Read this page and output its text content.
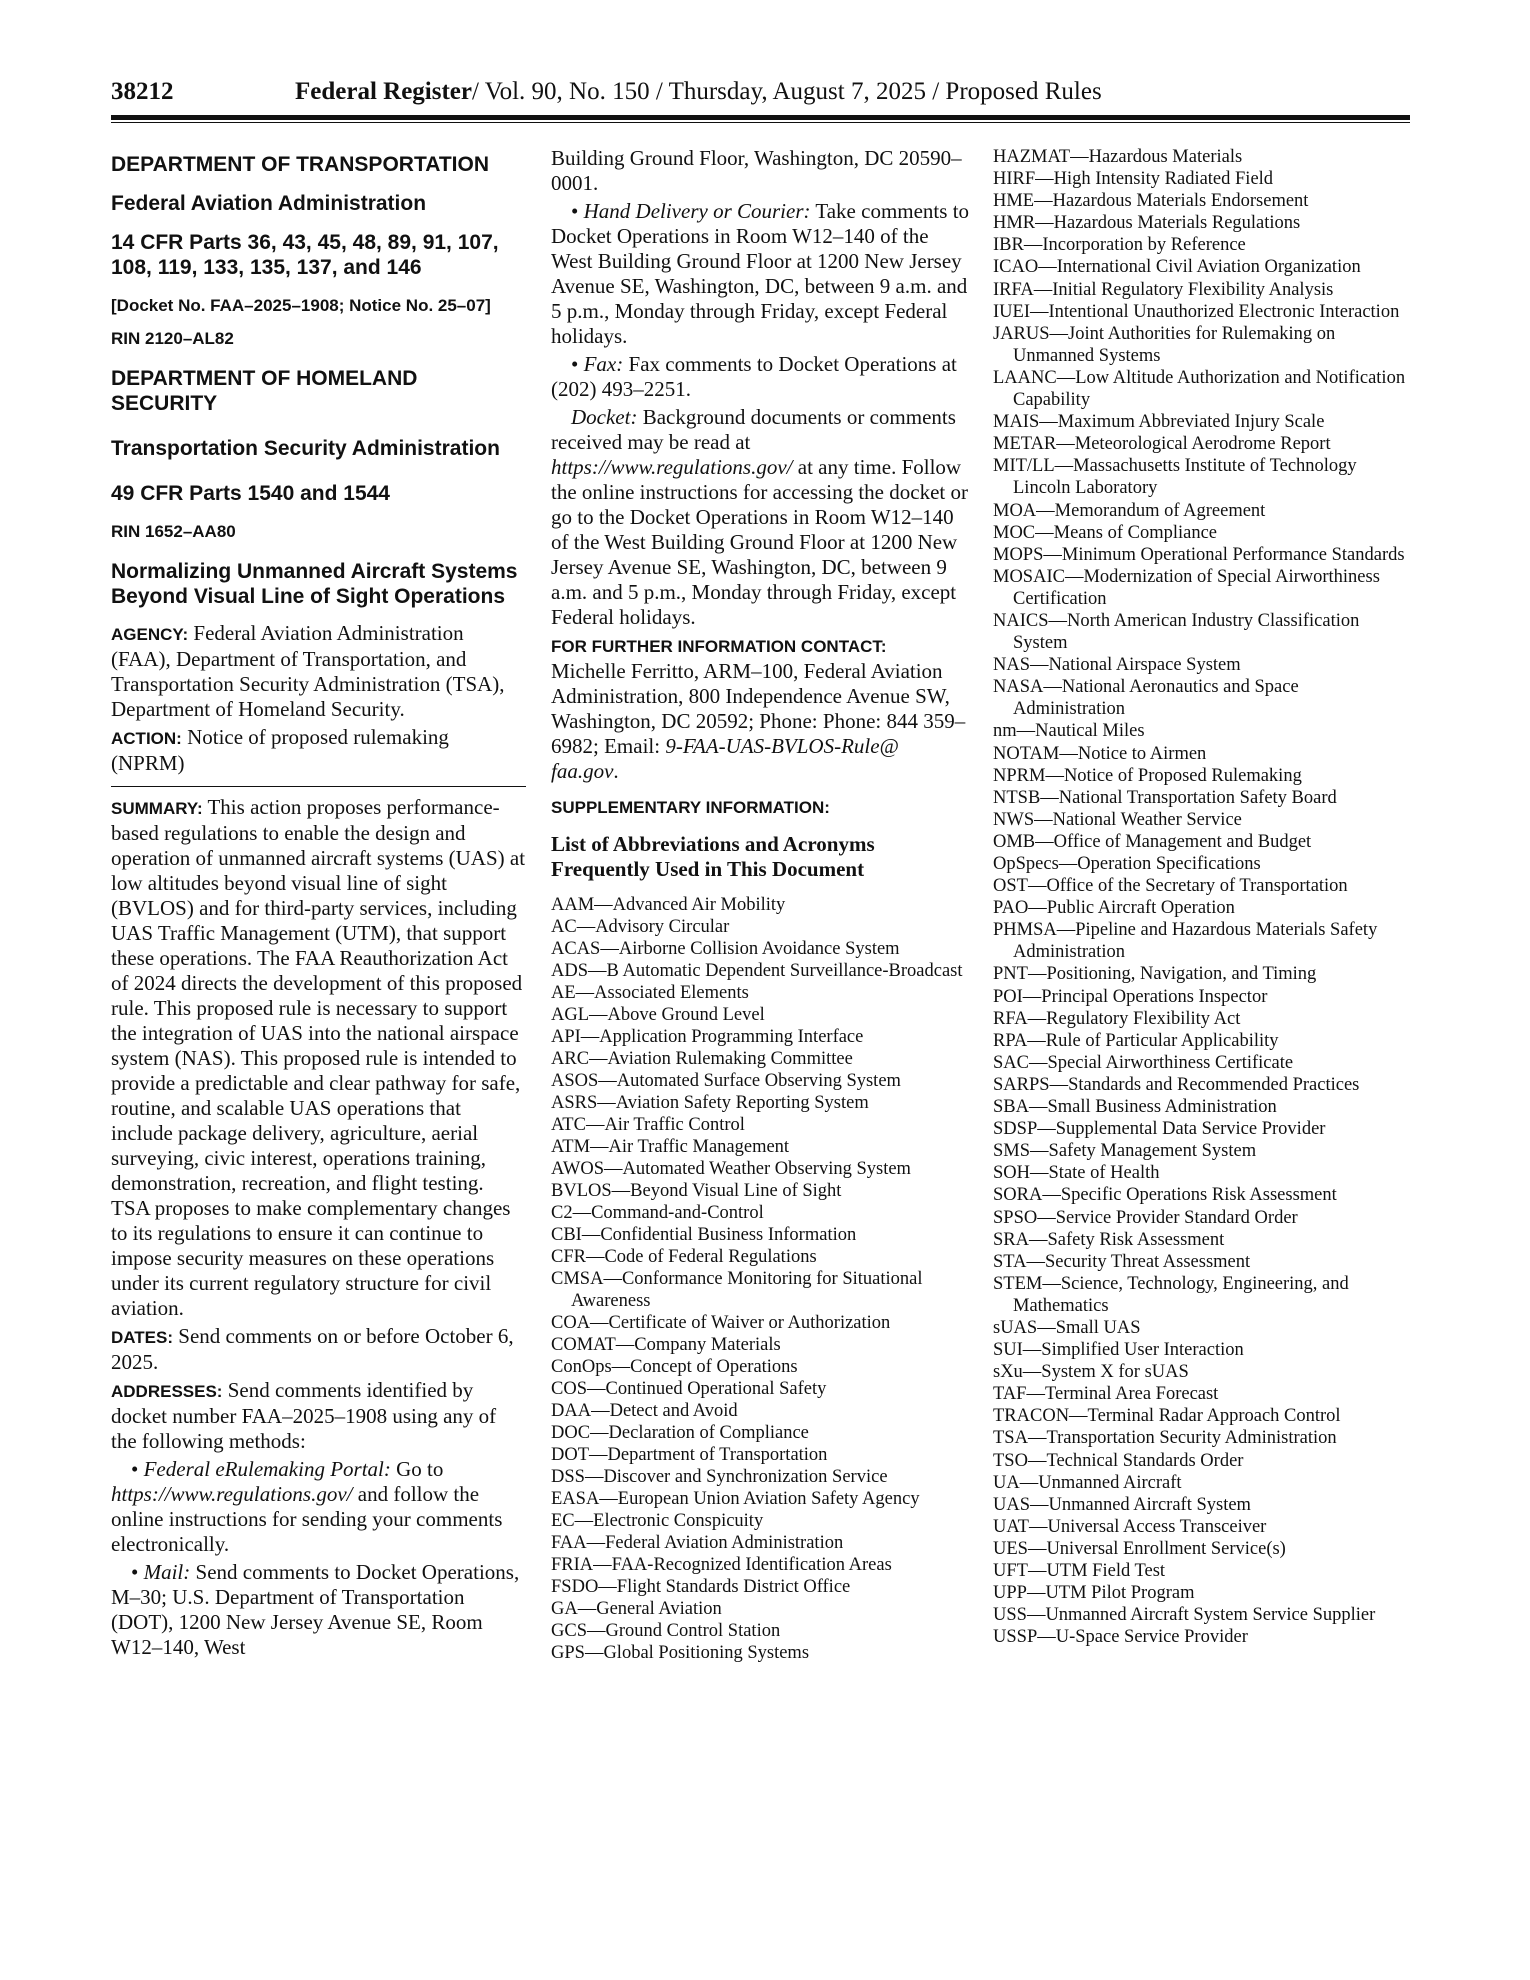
38212	Federal Register/ Vol. 90, No. 150 / Thursday, August 7, 2025 / Proposed Rules
DEPARTMENT OF TRANSPORTATION
Federal Aviation Administration
14 CFR Parts 36, 43, 45, 48, 89, 91, 107, 108, 119, 133, 135, 137, and 146
[Docket No. FAA–2025–1908; Notice No. 25–07]
RIN 2120–AL82
DEPARTMENT OF HOMELAND SECURITY
Transportation Security Administration
49 CFR Parts 1540 and 1544
RIN 1652–AA80
Normalizing Unmanned Aircraft Systems Beyond Visual Line of Sight Operations
AGENCY: Federal Aviation Administration (FAA), Department of Transportation, and Transportation Security Administration (TSA), Department of Homeland Security.
ACTION: Notice of proposed rulemaking (NPRM)
SUMMARY: This action proposes performance-based regulations to enable the design and operation of unmanned aircraft systems (UAS) at low altitudes beyond visual line of sight (BVLOS) and for third-party services, including UAS Traffic Management (UTM), that support these operations. The FAA Reauthorization Act of 2024 directs the development of this proposed rule. This proposed rule is necessary to support the integration of UAS into the national airspace system (NAS). This proposed rule is intended to provide a predictable and clear pathway for safe, routine, and scalable UAS operations that include package delivery, agriculture, aerial surveying, civic interest, operations training, demonstration, recreation, and flight testing. TSA proposes to make complementary changes to its regulations to ensure it can continue to impose security measures on these operations under its current regulatory structure for civil aviation.
DATES: Send comments on or before October 6, 2025.
ADDRESSES: Send comments identified by docket number FAA–2025–1908 using any of the following methods:
• Federal eRulemaking Portal: Go to https://www.regulations.gov/ and follow the online instructions for sending your comments electronically.
• Mail: Send comments to Docket Operations, M–30; U.S. Department of Transportation (DOT), 1200 New Jersey Avenue SE, Room W12–140, West
Building Ground Floor, Washington, DC 20590–0001.
• Hand Delivery or Courier: Take comments to Docket Operations in Room W12–140 of the West Building Ground Floor at 1200 New Jersey Avenue SE, Washington, DC, between 9 a.m. and 5 p.m., Monday through Friday, except Federal holidays.
• Fax: Fax comments to Docket Operations at (202) 493–2251.
Docket: Background documents or comments received may be read at https://www.regulations.gov/ at any time. Follow the online instructions for accessing the docket or go to the Docket Operations in Room W12–140 of the West Building Ground Floor at 1200 New Jersey Avenue SE, Washington, DC, between 9 a.m. and 5 p.m., Monday through Friday, except Federal holidays.
FOR FURTHER INFORMATION CONTACT:
Michelle Ferritto, ARM–100, Federal Aviation Administration, 800 Independence Avenue SW, Washington, DC 20592; Phone: Phone: 844 359–6982; Email: 9-FAA-UAS-BVLOS-Rule@ faa.gov.
SUPPLEMENTARY INFORMATION:
List of Abbreviations and Acronyms Frequently Used in This Document
AAM—Advanced Air Mobility
AC—Advisory Circular
ACAS—Airborne Collision Avoidance System
ADS—B Automatic Dependent Surveillance-Broadcast
AE—Associated Elements
AGL—Above Ground Level
API—Application Programming Interface
ARC—Aviation Rulemaking Committee
ASOS—Automated Surface Observing System
ASRS—Aviation Safety Reporting System
ATC—Air Traffic Control
ATM—Air Traffic Management
AWOS—Automated Weather Observing System
BVLOS—Beyond Visual Line of Sight
C2—Command-and-Control
CBI—Confidential Business Information
CFR—Code of Federal Regulations
CMSA—Conformance Monitoring for Situational Awareness
COA—Certificate of Waiver or Authorization
COMAT—Company Materials
ConOps—Concept of Operations
COS—Continued Operational Safety
DAA—Detect and Avoid
DOC—Declaration of Compliance
DOT—Department of Transportation
DSS—Discover and Synchronization Service
EASA—European Union Aviation Safety Agency
EC—Electronic Conspicuity
FAA—Federal Aviation Administration
FRIA—FAA-Recognized Identification Areas
FSDO—Flight Standards District Office
GA—General Aviation
GCS—Ground Control Station
GPS—Global Positioning Systems
HAZMAT—Hazardous Materials
HIRF—High Intensity Radiated Field
HME—Hazardous Materials Endorsement
HMR—Hazardous Materials Regulations
IBR—Incorporation by Reference
ICAO—International Civil Aviation Organization
IRFA—Initial Regulatory Flexibility Analysis
IUEI—Intentional Unauthorized Electronic Interaction
JARUS—Joint Authorities for Rulemaking on Unmanned Systems
LAANC—Low Altitude Authorization and Notification Capability
MAIS—Maximum Abbreviated Injury Scale
METAR—Meteorological Aerodrome Report
MIT/LL—Massachusetts Institute of Technology Lincoln Laboratory
MOA—Memorandum of Agreement
MOC—Means of Compliance
MOPS—Minimum Operational Performance Standards
MOSAIC—Modernization of Special Airworthiness Certification
NAICS—North American Industry Classification System
NAS—National Airspace System
NASA—National Aeronautics and Space Administration
nm—Nautical Miles
NOTAM—Notice to Airmen
NPRM—Notice of Proposed Rulemaking
NTSB—National Transportation Safety Board
NWS—National Weather Service
OMB—Office of Management and Budget
OpSpecs—Operation Specifications
OST—Office of the Secretary of Transportation
PAO—Public Aircraft Operation
PHMSA—Pipeline and Hazardous Materials Safety Administration
PNT—Positioning, Navigation, and Timing
POI—Principal Operations Inspector
RFA—Regulatory Flexibility Act
RPA—Rule of Particular Applicability
SAC—Special Airworthiness Certificate
SARPS—Standards and Recommended Practices
SBA—Small Business Administration
SDSP—Supplemental Data Service Provider
SMS—Safety Management System
SOH—State of Health
SORA—Specific Operations Risk Assessment
SPSO—Service Provider Standard Order
SRA—Safety Risk Assessment
STA—Security Threat Assessment
STEM—Science, Technology, Engineering, and Mathematics
sUAS—Small UAS
SUI—Simplified User Interaction
sXu—System X for sUAS
TAF—Terminal Area Forecast
TRACON—Terminal Radar Approach Control
TSA—Transportation Security Administration
TSO—Technical Standards Order
UA—Unmanned Aircraft
UAS—Unmanned Aircraft System
UAT—Universal Access Transceiver
UES—Universal Enrollment Service(s)
UFT—UTM Field Test
UPP—UTM Pilot Program
USS—Unmanned Aircraft System Service Supplier
USSP—U-Space Service Provider
